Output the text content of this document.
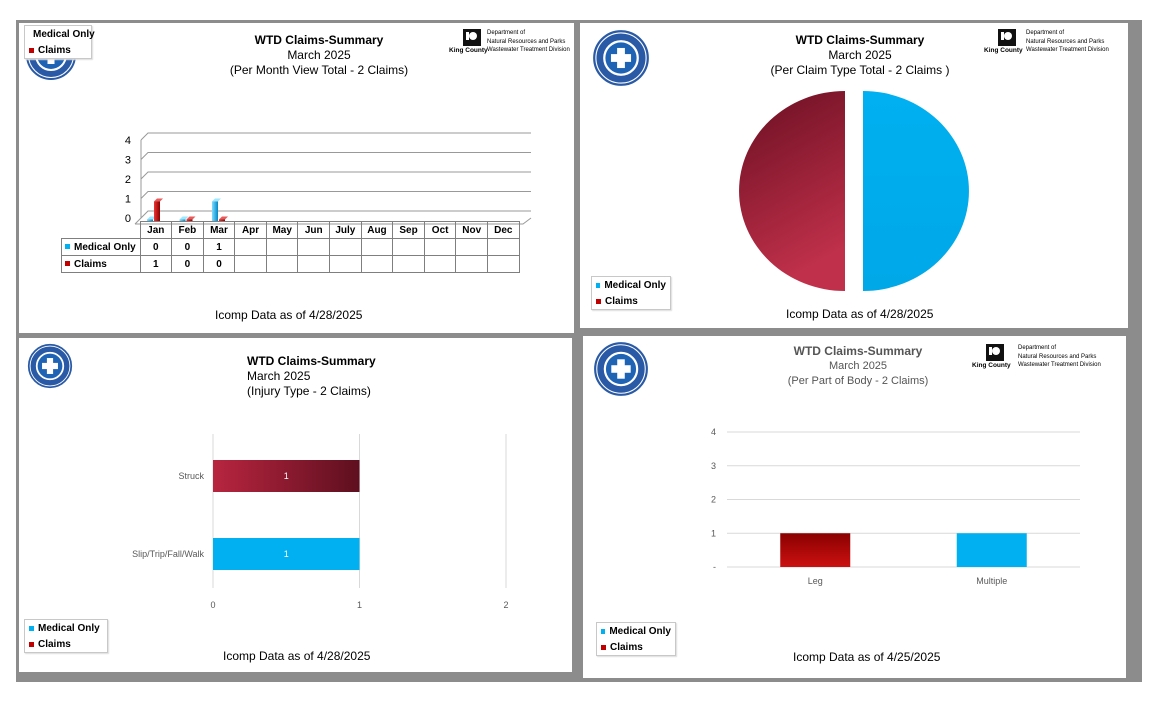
Medical Only
Claims
WTD Claims-Summary
March 2025
(Per Month View Total - 2 Claims)
King County
Department of
Natural Resources and Parks
Wastewater Treatment Division
0
1
2
3
4
	Jan	Feb	Mar	Apr	May	Jun	July	Aug	Sep	Oct	Nov	Dec
Medical Only	0	0	1									
Claims	1	0	0									
Icomp Data as of 4/28/2025
WTD Claims-Summary
March 2025
(Per Claim Type Total - 2 Claims )
King County
Department of
Natural Resources and Parks
Wastewater Treatment Division
Medical Only
Claims
Icomp Data as of 4/28/2025
WTD Claims-Summary
March 2025
(Injury Type - 2 Claims)
0	1	2
1
Struck
1
Slip/Trip/Fall/Walk
Medical Only
Claims
Icomp Data as of 4/28/2025
WTD Claims-Summary
March 2025
(Per Part of Body - 2 Claims)
King County
Department of
Natural Resources and Parks
Wastewater Treatment Division
-
1
2
3
4
Leg	Multiple
Medical Only
Claims
Icomp Data as of 4/25/2025
